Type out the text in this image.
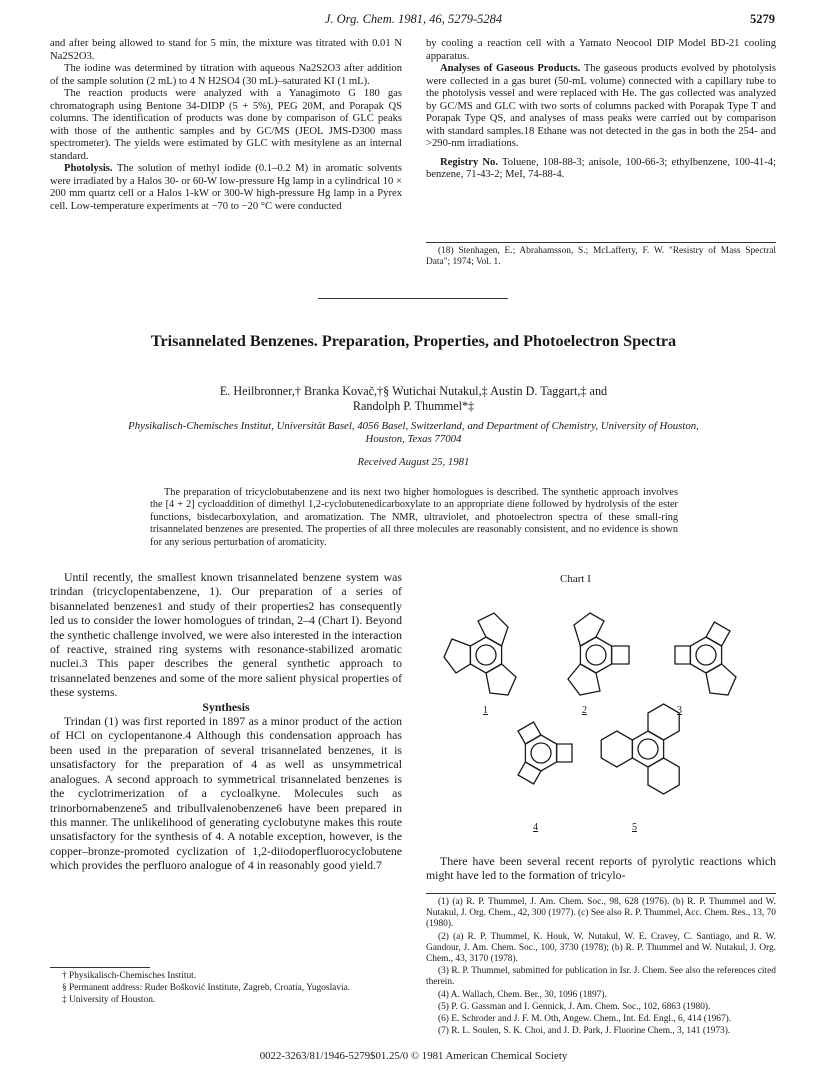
J. Org. Chem. 1981, 46, 5279-5284	5279

and after being allowed to stand for 5 min, the mixture was titrated with 0.01 N Na2S2O3.

The iodine was determined by titration with aqueous Na2S2O3 after addition of the sample solution (2 mL) to 4 N H2SO4 (30 mL)–saturated KI (1 mL).

The reaction products were analyzed with a Yanagimoto G 180 gas chromatograph using Bentone 34-DIDP (5 + 5%), PEG 20M, and Porapak QS columns. The identification of products was done by comparison of GLC peaks with those of the authentic samples and by GC/MS (JEOL JMS-D300 mass spectrometer). The yields were estimated by GLC with mesitylene as an internal standard.

Photolysis. The solution of methyl iodide (0.1–0.2 M) in aromatic solvents were irradiated by a Halos 30- or 60-W low-pressure Hg lamp in a cylindrical 10 × 200 mm quartz cell or a Halos 1-kW or 300-W high-pressure Hg lamp in a Pyrex cell. Low-temperature experiments at −70 to −20 °C were conducted

by cooling a reaction cell with a Yamato Neocool DIP Model BD-21 cooling apparatus.

Analyses of Gaseous Products. The gaseous products evolved by photolysis were collected in a gas buret (50-mL volume) connected with a capillary tube to the photolysis vessel and were replaced with He. The gas collected was analyzed by GC/MS and GLC with two sorts of columns packed with Porapak Type T and Porapak Type QS, and analyses of mass peaks were carried out by comparison with standard samples.18 Ethane was not detected in the gas in both the 254- and >290-nm irradiations.

Registry No. Toluene, 108-88-3; anisole, 100-66-3; ethylbenzene, 100-41-4; benzene, 71-43-2; MeI, 74-88-4.

(18) Stenhagen, E.; Abrahamsson, S.; McLafferty, F. W. "Resistry of Mass Spectral Data"; 1974; Vol. 1.
Trisannelated Benzenes. Preparation, Properties, and Photoelectron Spectra
E. Heilbronner,† Branka Kovač,†§ Wutichai Nutakul,‡ Austin D. Taggart,‡ and
Randolph P. Thummel*‡
Physikalisch-Chemisches Institut, Universität Basel, 4056 Basel, Switzerland, and Department of Chemistry, University of Houston, Houston, Texas 77004
Received August 25, 1981
The preparation of tricyclobutabenzene and its next two higher homologues is described. The synthetic approach involves the [4 + 2] cycloaddition of dimethyl 1,2-cyclobutenedicarboxylate to an appropriate diene followed by hydrolysis of the ester functions, bisdecarboxylation, and aromatization. The NMR, ultraviolet, and photoelectron spectra of these small-ring trisannelated benzenes are presented. The properties of all three molecules are reasonably consistent, and no evidence is shown for any serious perturbation of aromaticity.

Until recently, the smallest known trisannelated benzene system was trindan (tricyclopentabenzene, 1). Our preparation of a series of bisannelated benzenes1 and study of their properties2 has consequently led us to consider the lower homologues of trindan, 2–4 (Chart I). Beyond the synthetic challenge involved, we were also interested in the interaction of reactive, strained ring systems with resonance-stabilized aromatic nuclei.3 This paper describes the general synthetic approach to trisannelated benzenes and some of the more salient physical properties of these systems.

Synthesis

Trindan (1) was first reported in 1897 as a minor product of the action of HCl on cyclopentanone.4 Although this condensation approach has been used in the preparation of several trisannelated benzenes, it is unsatisfactory for the preparation of 4 as well as unsymmetrical analogues. A second approach to symmetrical trisannelated benzenes is the cyclotrimerization of a cycloalkyne. Molecules such as trinorbornabenzene5 and tribullvalenobenzene6 have been prepared in this manner. The unlikelihood of generating cyclobutyne makes this route unsatisfactory for the synthesis of 4. A notable exception, however, is the copper–bronze-promoted cyclization of 1,2-diiodoperfluorocyclobutene which provides the perfluoro analogue of 4 in reasonably good yield.7

† Physikalisch-Chemisches Institut.

§ Permanent address: Ruder Bošković Institute, Zagreb, Croatia, Yugoslavia.

‡ University of Houston.

Chart I
1	2	3
4	5

There have been several recent reports of pyrolytic reactions which might have led to the formation of tricylo-

(1) (a) R. P. Thummel, J. Am. Chem. Soc., 98, 628 (1976). (b) R. P. Thummel and W. Nutakul, J. Org. Chem., 42, 300 (1977). (c) See also R. P. Thummel, Acc. Chem. Res., 13, 70 (1980).

(2) (a) R. P. Thummel, K. Houk, W. Nutakul, W. E. Cravey, C. Santiago, and R. W. Gandour, J. Am. Chem. Soc., 100, 3730 (1978); (b) R. P. Thummel and W. Nutakul, J. Org. Chem., 43, 3170 (1978).

(3) R. P. Thummel, submitted for publication in Isr. J. Chem. See also the references cited therein.

(4) A. Wallach, Chem. Ber., 30, 1096 (1897).

(5) P. G. Gassman and I. Gennick, J. Am. Chem. Soc., 102, 6863 (1980).

(6) E. Schroder and J. F. M. Oth, Angew. Chem., Int. Ed. Engl., 6, 414 (1967).

(7) R. L. Soulen, S. K. Choi, and J. D. Park, J. Fluorine Chem., 3, 141 (1973).

0022-3263/81/1946-5279$01.25/0 © 1981 American Chemical Society
